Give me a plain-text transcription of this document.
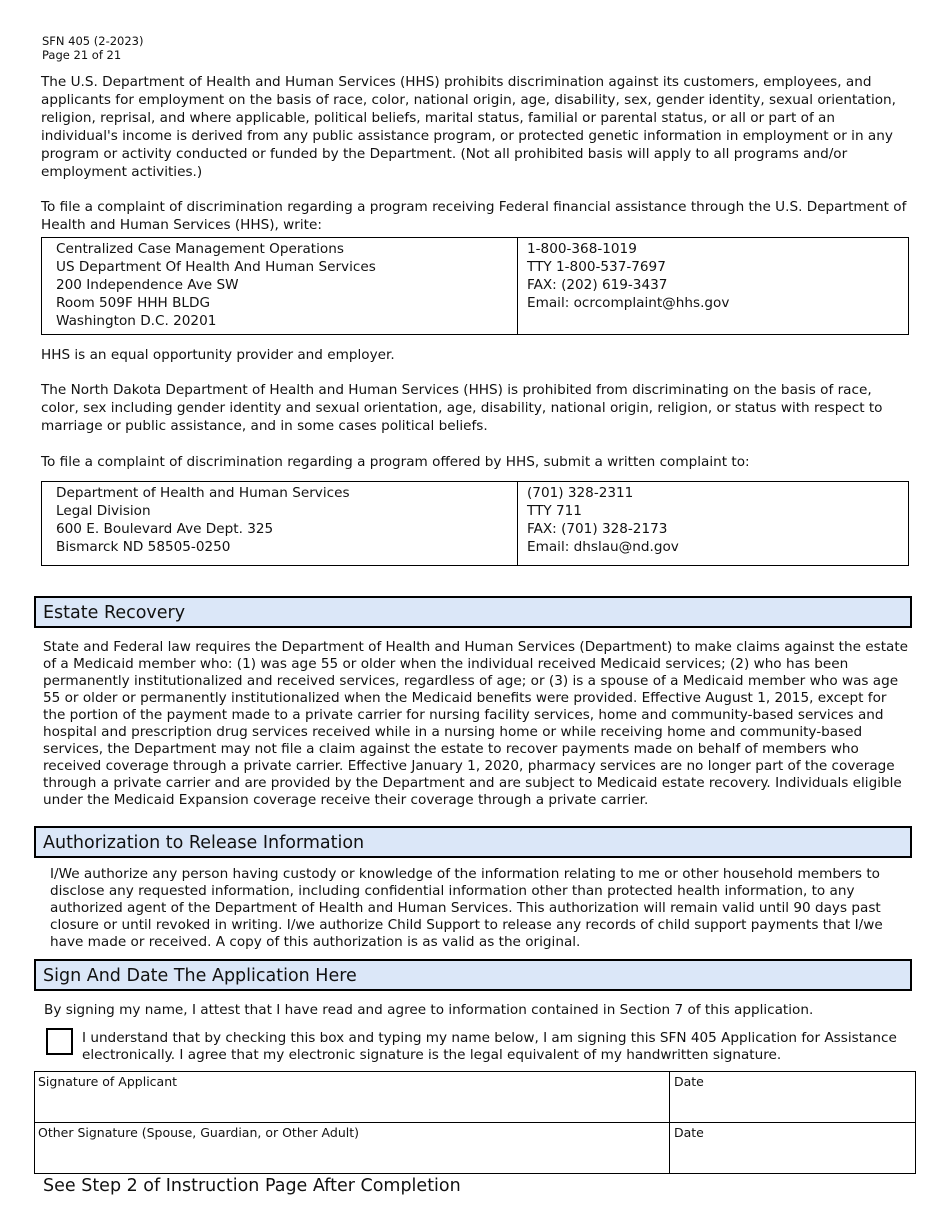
SFN 405 (2-2023)
Page 21 of 21
The U.S. Department of Health and Human Services (HHS) prohibits discrimination against its customers, employees, and applicants for employment on the basis of race, color, national origin, age, disability, sex, gender identity, sexual orientation, religion, reprisal, and where applicable, political beliefs, marital status, familial or parental status, or all or part of an individual's income is derived from any public assistance program, or protected genetic information in employment or in any program or activity conducted or funded by the Department. (Not all prohibited basis will apply to all programs and/or employment activities.)
To file a complaint of discrimination regarding a program receiving Federal financial assistance through the U.S. Department of Health and Human Services (HHS), write:
Centralized Case Management Operations
US Department Of Health And Human Services
200 Independence Ave SW
Room 509F HHH BLDG
Washington D.C. 20201

1-800-368-1019
TTY 1-800-537-7697
FAX: (202) 619-3437
Email: ocrcomplaint@hhs.gov
HHS is an equal opportunity provider and employer.
The North Dakota Department of Health and Human Services (HHS) is prohibited from discriminating on the basis of race, color, sex including gender identity and sexual orientation, age, disability, national origin, religion, or status with respect to marriage or public assistance, and in some cases political beliefs.
To file a complaint of discrimination regarding a program offered by HHS, submit a written complaint to:
Department of Health and Human Services
Legal Division
600 E. Boulevard Ave Dept. 325
Bismarck ND 58505-0250

(701) 328-2311
TTY 711
FAX: (701) 328-2173
Email: dhslau@nd.gov
Estate Recovery
State and Federal law requires the Department of Health and Human Services (Department) to make claims against the estate of a Medicaid member who: (1) was age 55 or older when the individual received Medicaid services; (2) who has been permanently institutionalized and received services, regardless of age; or (3) is a spouse of a Medicaid member who was age 55 or older or permanently institutionalized when the Medicaid benefits were provided. Effective August 1, 2015, except for the portion of the payment made to a private carrier for nursing facility services, home and community-based services and hospital and prescription drug services received while in a nursing home or while receiving home and community-based services, the Department may not file a claim against the estate to recover payments made on behalf of members who received coverage through a private carrier. Effective January 1, 2020, pharmacy services are no longer part of the coverage through a private carrier and are provided by the Department and are subject to Medicaid estate recovery. Individuals eligible under the Medicaid Expansion coverage receive their coverage through a private carrier.
Authorization to Release Information
I/We authorize any person having custody or knowledge of the information relating to me or other household members to disclose any requested information, including confidential information other than protected health information, to any authorized agent of the Department of Health and Human Services. This authorization will remain valid until 90 days past closure or until revoked in writing. I/we authorize Child Support to release any records of child support payments that I/we have made or received. A copy of this authorization is as valid as the original.
Sign And Date The Application Here
By signing my name, I attest that I have read and agree to information contained in Section 7 of this application.
I understand that by checking this box and typing my name below, I am signing this SFN 405 Application for Assistance electronically. I agree that my electronic signature is the legal equivalent of my handwritten signature.
Signature of Applicant	Date

Other Signature (Spouse, Guardian, or Other Adult)	Date
See Step 2 of Instruction Page After Completion
